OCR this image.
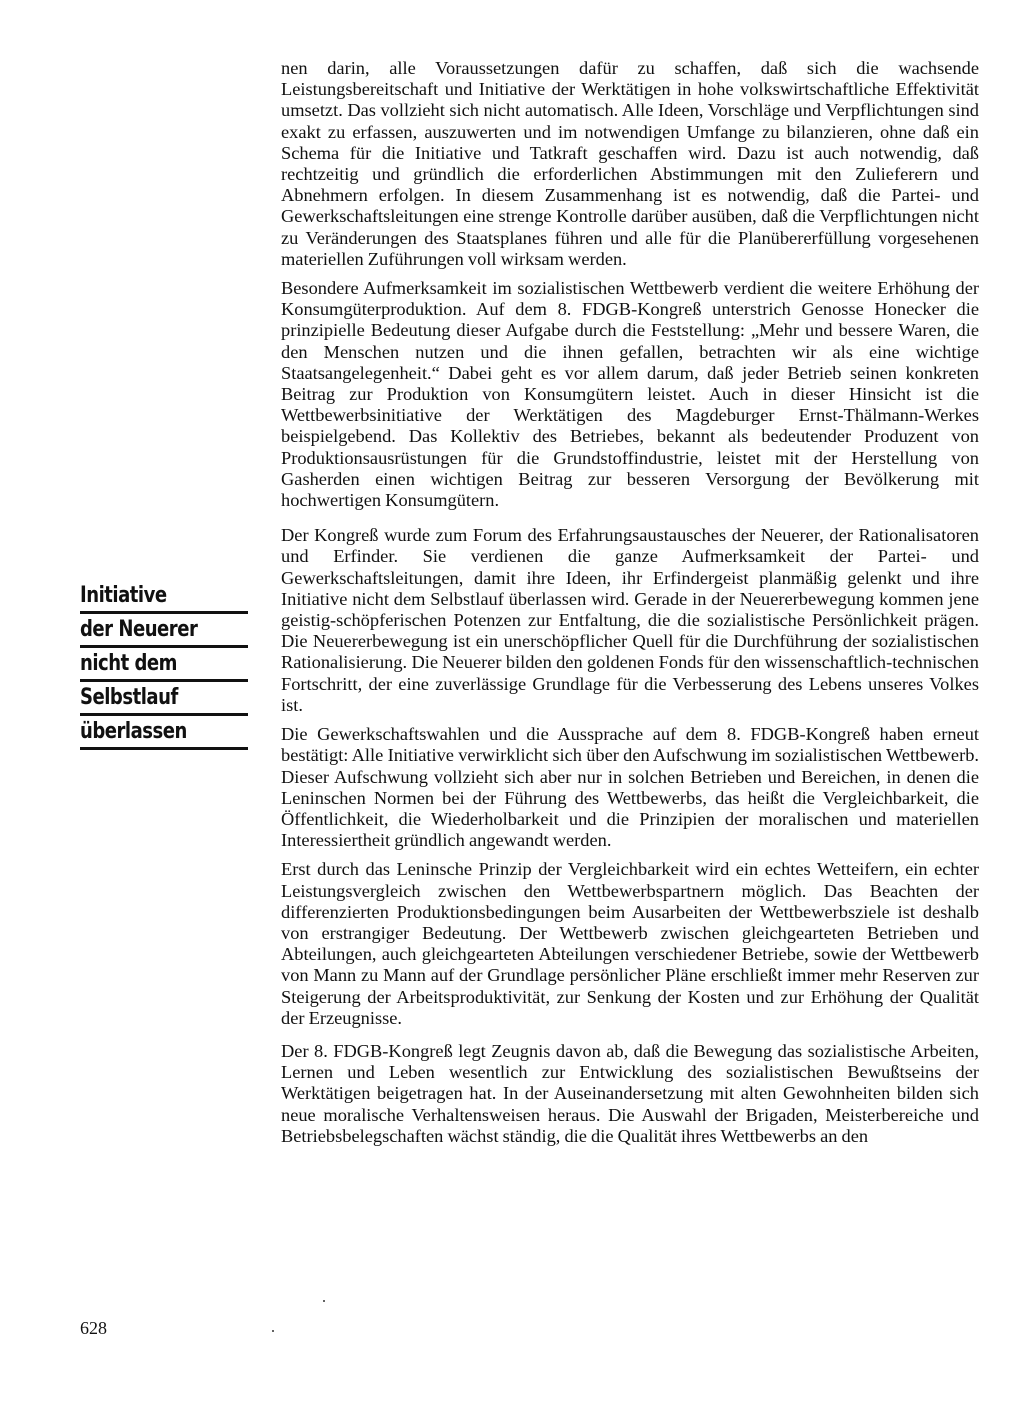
Initiative
der Neuerer
nicht dem
Selbstlauf
überlassen

nen darin, alle Voraussetzungen dafür zu schaffen, daß sich die wachsende Leistungsbereitschaft und Initiative der Werktätigen in hohe volkswirtschaftliche Effektivität umsetzt. Das vollzieht sich nicht automatisch. Alle Ideen, Vorschläge und Verpflichtungen sind exakt zu erfassen, auszuwerten und im notwendigen Umfange zu bilanzieren, ohne daß ein Schema für die Initiative und Tatkraft geschaffen wird. Dazu ist auch notwendig, daß rechtzeitig und gründlich die erforderlichen Abstimmungen mit den Zulieferern und Abnehmern erfolgen. In diesem Zusammenhang ist es notwendig, daß die Partei- und Gewerkschaftsleitungen eine strenge Kontrolle darüber ausüben, daß die Verpflichtungen nicht zu Veränderungen des Staatsplanes führen und alle für die Planübererfüllung vorgesehenen materiellen Zuführungen voll wirksam werden.

Besondere Aufmerksamkeit im sozialistischen Wettbewerb verdient die weitere Erhöhung der Konsumgüterproduktion. Auf dem 8. FDGB-Kongreß unterstrich Genosse Honecker die prinzipielle Bedeutung dieser Aufgabe durch die Feststellung: „Mehr und bessere Waren, die den Menschen nutzen und die ihnen gefallen, betrachten wir als eine wichtige Staatsangelegenheit.“ Dabei geht es vor allem darum, daß jeder Betrieb seinen konkreten Beitrag zur Produktion von Konsumgütern leistet. Auch in dieser Hinsicht ist die Wettbewerbsinitiative der Werktätigen des Magdeburger Ernst-Thälmann-Werkes beispielgebend. Das Kollektiv des Betriebes, bekannt als bedeutender Produzent von Produktionsausrüstungen für die Grundstoffindustrie, leistet mit der Herstellung von Gasherden einen wichtigen Beitrag zur besseren Versorgung der Bevölkerung mit hochwertigen Konsumgütern.

Der Kongreß wurde zum Forum des Erfahrungsaustausches der Neuerer, der Rationalisatoren und Erfinder. Sie verdienen die ganze Aufmerksamkeit der Partei- und Gewerkschaftsleitungen, damit ihre Ideen, ihr Erfindergeist planmäßig gelenkt und ihre Initiative nicht dem Selbstlauf überlassen wird. Gerade in der Neuererbewegung kommen jene geistig-schöpferischen Potenzen zur Entfaltung, die die sozialistische Persönlichkeit prägen. Die Neuererbewegung ist ein unerschöpflicher Quell für die Durchführung der sozialistischen Rationalisierung. Die Neuerer bilden den goldenen Fonds für den wissenschaftlich-technischen Fortschritt, der eine zuverlässige Grundlage für die Verbesserung des Lebens unseres Volkes ist.

Die Gewerkschaftswahlen und die Aussprache auf dem 8. FDGB-Kongreß haben erneut bestätigt: Alle Initiative verwirklicht sich über den Aufschwung im sozialistischen Wettbewerb. Dieser Aufschwung vollzieht sich aber nur in solchen Betrieben und Bereichen, in denen die Leninschen Normen bei der Führung des Wettbewerbs, das heißt die Vergleichbarkeit, die Öffentlichkeit, die Wiederholbarkeit und die Prinzipien der moralischen und materiellen Interessiertheit gründlich angewandt werden.

Erst durch das Leninsche Prinzip der Vergleichbarkeit wird ein echtes Wetteifern, ein echter Leistungsvergleich zwischen den Wettbewerbspartnern möglich. Das Beachten der differenzierten Produktionsbedingungen beim Ausarbeiten der Wettbewerbsziele ist deshalb von erstrangiger Bedeutung. Der Wettbewerb zwischen gleichgearteten Betrieben und Abteilungen, auch gleichgearteten Abteilungen verschiedener Betriebe, sowie der Wettbewerb von Mann zu Mann auf der Grundlage persönlicher Pläne erschließt immer mehr Reserven zur Steigerung der Arbeitsproduktivität, zur Senkung der Kosten und zur Erhöhung der Qualität der Erzeugnisse.

Der 8. FDGB-Kongreß legt Zeugnis davon ab, daß die Bewegung das sozialistische Arbeiten, Lernen und Leben wesentlich zur Entwicklung des sozialistischen Bewußtseins der Werktätigen beigetragen hat. In der Auseinandersetzung mit alten Gewohnheiten bilden sich neue moralische Verhaltensweisen heraus. Die Auswahl der Brigaden, Meisterbereiche und Betriebsbelegschaften wächst ständig, die die Qualität ihres Wettbewerbs an den

628
